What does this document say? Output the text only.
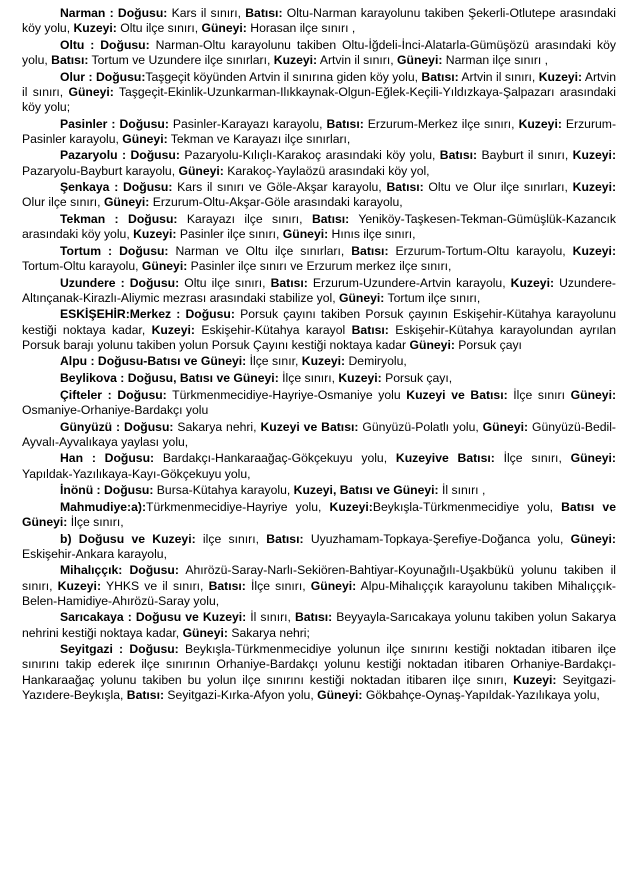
Narman : Doğusu: Kars il sınırı, Batısı: Oltu-Narman karayolunu takiben Şekerli-Otlutepe arasındaki köy yolu, Kuzeyi: Oltu ilçe sınırı, Güneyi: Horasan ilçe sınırı ,

Oltu : Doğusu: Narman-Oltu karayolunu takiben Oltu-İğdeli-İnci-Alatarla-Gümüşözü arasındaki köy yolu, Batısı: Tortum ve Uzundere ilçe sınırları, Kuzeyi: Artvin il sınırı, Güneyi: Narman ilçe sınırı ,

Olur : Doğusu:Taşgeçit köyünden Artvin il sınırına giden köy yolu, Batısı: Artvin il sınırı, Kuzeyi: Artvin il sınırı, Güneyi: Taşgeçit-Ekinlik-Uzunkarman-Ilıkkaynak-Olgun-Eğlek-Keçili-Yıldızkaya-Şalpazarı arasındaki köy yolu;

Pasinler : Doğusu: Pasinler-Karayazı karayolu, Batısı: Erzurum-Merkez ilçe sınırı, Kuzeyi: Erzurum-Pasinler karayolu, Güneyi: Tekman ve Karayazı ilçe sınırları,

Pazaryolu : Doğusu: Pazaryolu-Kılıçlı-Karakoç arasındaki köy yolu, Batısı: Bayburt il sınırı, Kuzeyi: Pazaryolu-Bayburt karayolu, Güneyi: Karakoç-Yaylaözü arasındaki köy yol,

Şenkaya : Doğusu: Kars il sınırı ve Göle-Akşar karayolu, Batısı: Oltu ve Olur ilçe sınırları, Kuzeyi: Olur ilçe sınırı, Güneyi: Erzurum-Oltu-Akşar-Göle arasındaki karayolu,

Tekman : Doğusu: Karayazı ilçe sınırı, Batısı: Yeniköy-Taşkesen-Tekman-Gümüşlük-Kazancık arasındaki köy yolu, Kuzeyi: Pasinler ilçe sınırı, Güneyi: Hınıs ilçe sınırı,

Tortum : Doğusu: Narman ve Oltu ilçe sınırları, Batısı: Erzurum-Tortum-Oltu karayolu, Kuzeyi: Tortum-Oltu karayolu, Güneyi: Pasinler ilçe sınırı ve Erzurum merkez ilçe sınırı,

Uzundere : Doğusu: Oltu ilçe sınırı, Batısı: Erzurum-Uzundere-Artvin karayolu, Kuzeyi: Uzundere-Altınçanak-Kirazlı-Aliymic mezrası arasındaki stabilize yol, Güneyi: Tortum ilçe sınırı,

ESKİŞEHİR:Merkez : Doğusu: Porsuk çayını takiben Porsuk çayının Eskişehir-Kütahya karayolunu kestiği noktaya kadar, Kuzeyi: Eskişehir-Kütahya karayol Batısı: Eskişehir-Kütahya karayolundan ayrılan Porsuk barajı yolunu takiben yolun Porsuk Çayını kestiği noktaya kadar Güneyi: Porsuk çayı

Alpu : Doğusu-Batısı ve Güneyi: İlçe sınır, Kuzeyi: Demiryolu,

Beylikova : Doğusu, Batısı ve Güneyi: İlçe sınırı, Kuzeyi: Porsuk çayı,

Çifteler : Doğusu: Türkmenmecidiye-Hayriye-Osmaniye yolu Kuzeyi ve Batısı: İlçe sınırı Güneyi: Osmaniye-Orhaniye-Bardakçı yolu

Günyüzü : Doğusu: Sakarya nehri, Kuzeyi ve Batısı: Günyüzü-Polatlı yolu, Güneyi: Günyüzü-Bedil-Ayvalı-Ayvalıkaya yaylası yolu,

Han : Doğusu: Bardakçı-Hankaraağaç-Gökçekuyu yolu, Kuzeyive Batısı: İlçe sınırı, Güneyi: Yapıldak-Yazılıkaya-Kayı-Gökçekuyu yolu,

İnönü : Doğusu: Bursa-Kütahya karayolu, Kuzeyi, Batısı ve Güneyi: İl sınırı ,

Mahmudiye:a):Türkmenmecidiye-Hayriye yolu, Kuzeyi:Beykışla-Türkmenmecidiye yolu, Batısı ve Güneyi: İlçe sınırı,

b) Doğusu ve Kuzeyi: ilçe sınırı, Batısı: Uyuzhamam-Topkaya-Şerefiye-Doğanca yolu, Güneyi: Eskişehir-Ankara karayolu,

Mihalıççık: Doğusu: Ahırözü-Saray-Narlı-Sekiören-Bahtiyar-Koyunağılı-Uşakbükü yolunu takiben il sınırı, Kuzeyi: YHKS ve il sınırı, Batısı: İlçe sınırı, Güneyi: Alpu-Mihalıççık karayolunu takiben Mihalıççık-Belen-Hamidiye-Ahırözü-Saray yolu,

Sarıcakaya : Doğusu ve Kuzeyi: İl sınırı, Batısı: Beyyayla-Sarıcakaya yolunu takiben yolun Sakarya nehrini kestiği noktaya kadar, Güneyi: Sakarya nehri;

Seyitgazi : Doğusu: Beykışla-Türkmenmecidiye yolunun ilçe sınırını kestiği noktadan itibaren ilçe sınırını takip ederek ilçe sınırının Orhaniye-Bardakçı yolunu kestiği noktadan itibaren Orhaniye-Bardakçı-Hankaraağaç yolunu takiben bu yolun ilçe sınırını kestiği noktadan itibaren ilçe sınırı, Kuzeyi: Seyitgazi-Yazıdere-Beykışla, Batısı: Seyitgazi-Kırka-Afyon yolu, Güneyi: Gökbahçe-Oynaş-Yapıldak-Yazılıkaya yolu,
